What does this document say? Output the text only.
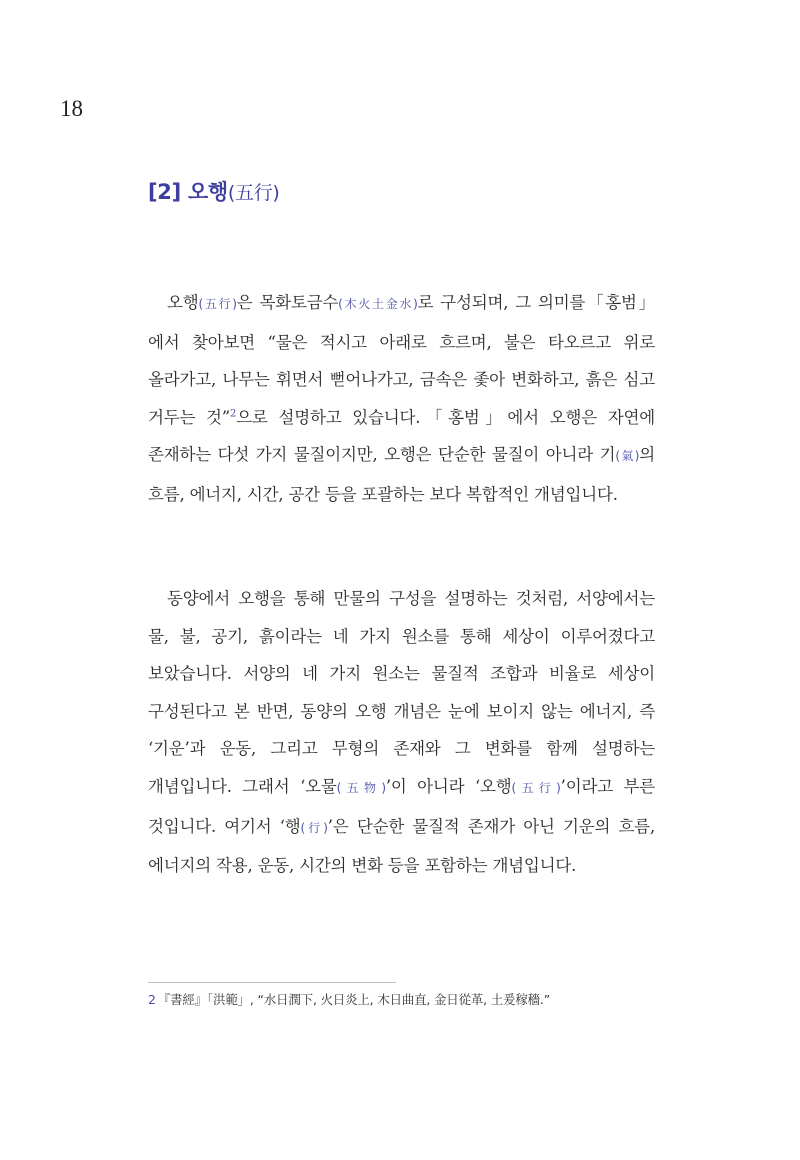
18
[2] 오행(五行)

오행(五行)은 목화토금수(木火土金水)로 구성되며, 그 의미를「홍범」에서 찾아보면 “물은 적시고 아래로 흐르며, 불은 타오르고 위로 올라가고, 나무는 휘면서 뻗어나가고, 금속은 좇아 변화하고, 흙은 심고 거두는 것”$^2$으로 설명하고 있습니다.「홍범」에서 오행은 자연에 존재하는 다섯 가지 물질이지만, 오행은 단순한 물질이 아니라 기(氣)의 흐름, 에너지, 시간, 공간 등을 포괄하는 보다 복합적인 개념입니다.

동양에서 오행을 통해 만물의 구성을 설명하는 것처럼, 서양에서는 물, 불, 공기, 흙이라는 네 가지 원소를 통해 세상이 이루어졌다고 보았습니다. 서양의 네 가지 원소는 물질적 조합과 비율로 세상이 구성된다고 본 반면, 동양의 오행 개념은 눈에 보이지 않는 에너지, 즉 ‘기운’과 운동, 그리고 무형의 존재와 그 변화를 함께 설명하는 개념입니다. 그래서 ‘오물(五物)’이 아니라 ‘오행(五行)’이라고 부른 것입니다. 여기서 ‘행(行)’은 단순한 물질적 존재가 아닌 기운의 흐름, 에너지의 작용, 운동, 시간의 변화 등을 포함하는 개념입니다.

2 『書經』「洪範」, “水日潤下, 火日炎上, 木日曲直, 金日從革, 土爰稼穡.”
